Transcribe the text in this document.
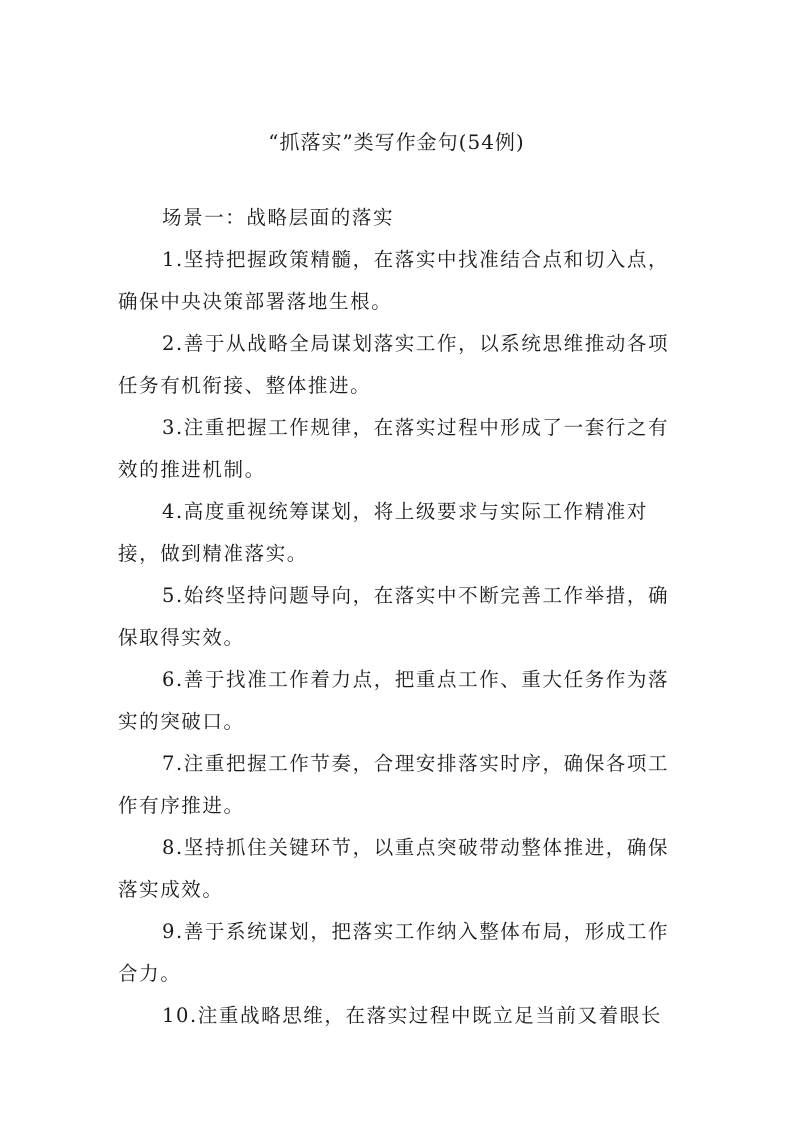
“抓落实”类写作金句(54例)

场景一：战略层面的落实

1.坚持把握政策精髓，在落实中找准结合点和切入点，确保中央决策部署落地生根。

2.善于从战略全局谋划落实工作，以系统思维推动各项任务有机衔接、整体推进。

3.注重把握工作规律，在落实过程中形成了一套行之有效的推进机制。

4.高度重视统筹谋划，将上级要求与实际工作精准对接，做到精准落实。

5.始终坚持问题导向，在落实中不断完善工作举措，确保取得实效。

6.善于找准工作着力点，把重点工作、重大任务作为落实的突破口。

7.注重把握工作节奏，合理安排落实时序，确保各项工作有序推进。

8.坚持抓住关键环节，以重点突破带动整体推进，确保落实成效。

9.善于系统谋划，把落实工作纳入整体布局，形成工作合力。

10.注重战略思维，在落实过程中既立足当前又着眼长
